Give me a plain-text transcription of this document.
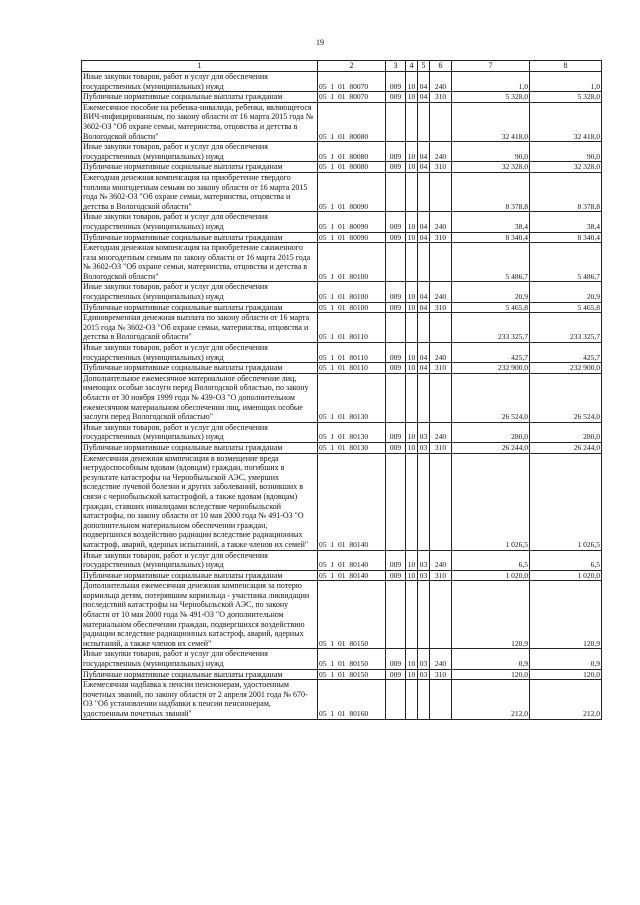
19
1	2	3	4	5	6	7	8
Иные закупки товаров, работ и услуг для обеспечения государственных (муниципальных) нужд	05 1 01 80070	009	10	04	240	1,0	1,0
Публичные нормативные социальные выплаты гражданам	05 1 01 80070	009	10	04	310	5 328,0	5 328,0
Ежемесячное пособие на ребенка-инвалида, ребенка, являющегося ВИЧ-инфицированным, по закону области от 16 марта 2015 года № 3602-ОЗ "Об охране семьи, материнства, отцовства и детства в Вологодской области"	05 1 01 80080					32 418,0	32 418,0
Иные закупки товаров, работ и услуг для обеспечения государственных (муниципальных) нужд	05 1 01 80080	009	10	04	240	90,0	90,0
Публичные нормативные социальные выплаты гражданам	05 1 01 80080	009	10	04	310	32 328,0	32 328,0
Ежегодная денежная компенсация на приобретение твердого топлива многодетным семьям по закону области от 16 марта 2015 года № 3602-ОЗ "Об охране семьи, материнства, отцовства и детства в Вологодской области"	05 1 01 80090					8 378,8	8 378,8
Иные закупки товаров, работ и услуг для обеспечения государственных (муниципальных) нужд	05 1 01 80090	009	10	04	240	38,4	38,4
Публичные нормативные социальные выплаты гражданам	05 1 01 80090	009	10	04	310	8 340,4	8 340,4
Ежегодная денежная компенсация на приобретение сжиженного газа многодетным семьям по закону области от 16 марта 2015 года № 3602-ОЗ "Об охране семьи, материнства, отцовства и детства в Вологодской области"	05 1 01 80100					5 486,7	5 486,7
Иные закупки товаров, работ и услуг для обеспечения государственных (муниципальных) нужд	05 1 01 80100	009	10	04	240	20,9	20,9
Публичные нормативные социальные выплаты гражданам	05 1 01 80100	009	10	04	310	5 465,8	5 465,8
Единовременная денежная выплата по закону области от 16 марта 2015 года № 3602-ОЗ "Об охране семьи, материнства, отцовства и детства в Вологодской области"	05 1 01 80110					233 325,7	233 325,7
Иные закупки товаров, работ и услуг для обеспечения государственных (муниципальных) нужд	05 1 01 80110	009	10	04	240	425,7	425,7
Публичные нормативные социальные выплаты гражданам	05 1 01 80110	009	10	04	310	232 900,0	232 900,0
Дополнительное ежемесячное материальное обеспечение лиц, имеющих особые заслуги перед Вологодской областью, по закону области от 30 ноября 1999 года № 439-ОЗ "О дополнительном ежемесячном материальном обеспечении лиц, имеющих особые заслуги перед Вологодской областью"	05 1 01 80130					26 524,0	26 524,0
Иные закупки товаров, работ и услуг для обеспечения государственных (муниципальных) нужд	05 1 01 80130	009	10	03	240	280,0	280,0
Публичные нормативные социальные выплаты гражданам	05 1 01 80130	009	10	03	310	26 244,0	26 244,0
Ежемесячная денежная компенсация в возмещение вреда нетрудоспособным вдовам (вдовцам) граждан, погибших в результате катастрофы на Чернобыльской АЭС, умерших вследствие лучевой болезни и других заболеваний, возникших в связи с чернобыльской катастрофой, а также вдовам (вдовцам) граждан, ставших инвалидами вследствие чернобыльской катастрофы, по закону области от 10 мая 2000 года № 491-ОЗ "О дополнительном материальном обеспечении граждан, подвергшихся воздействию радиации вследствие радиационных катастроф, аварий, ядерных испытаний, а также членов их семей"	05 1 01 80140					1 026,5	1 026,5
Иные закупки товаров, работ и услуг для обеспечения государственных (муниципальных) нужд	05 1 01 80140	009	10	03	240	6,5	6,5
Публичные нормативные социальные выплаты гражданам	05 1 01 80140	009	10	03	310	1 020,0	1 020,0
Дополнительная ежемесячная денежная компенсация за потерю кормильца детям, потерявшим кормильца - участника ликвидации последствий катастрофы на Чернобыльской АЭС, по закону области от 10 мая 2000 года № 491-ОЗ "О дополнительном материальном обеспечении граждан, подвергшихся воздействию радиации вследствие радиационных катастроф, аварий, ядерных испытаний, а также членов их семей"	05 1 01 80150					120,9	120,9
Иные закупки товаров, работ и услуг для обеспечения государственных (муниципальных) нужд	05 1 01 80150	009	10	03	240	0,9	0,9
Публичные нормативные социальные выплаты гражданам	05 1 01 80150	009	10	03	310	120,0	120,0
Ежемесячная надбавка к пенсии пенсионерам, удостоенным почетных званий, по закону области от 2 апреля 2001 года № 670-ОЗ "Об установлении надбавки к пенсии пенсионерам, удостоенным почетных званий"	05 1 01 80160					212,0	212,0
